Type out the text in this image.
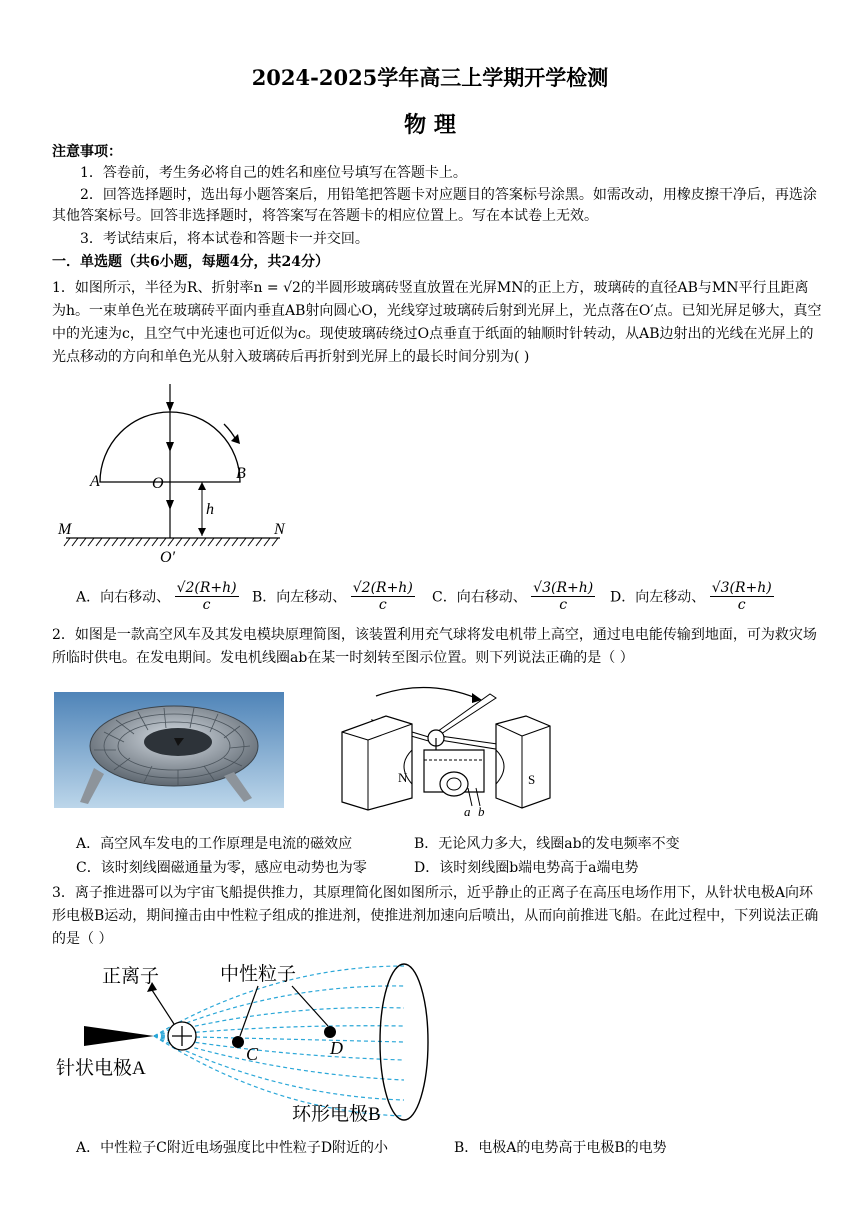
2024-2025学年高三上学期开学检测
物 理
注意事项：
1．答卷前，考生务必将自己的姓名和座位号填写在答题卡上。
2．回答选择题时，选出每小题答案后，用铅笔把答题卡对应题目的答案标号涂黑。如需改动，用橡皮擦干净后，再选涂其他答案标号。回答非选择题时，将答案写在答题卡的相应位置上。写在本试卷上无效。
3．考试结束后，将本试卷和答题卡一并交回。
一．单选题（共6小题，每题4分，共24分）
1．如图所示，半径为R、折射率n = √2的半圆形玻璃砖竖直放置在光屏MN的正上方，玻璃砖的直径AB与MN平行且距离为h。一束单色光在玻璃砖平面内垂直AB射向圆心O，光线穿过玻璃砖后射到光屏上，光点落在O′点。已知光屏足够大，真空中的光速为c，且空气中光速也可近似为c。现使玻璃砖绕过O点垂直于纸面的轴顺时针转动，从AB边射出的光线在光屏上的光点移动的方向和单色光从射入玻璃砖后再折射到光屏上的最长时间分别为( )
A	B
O
h
M	N
O′
A．向右移动、 $\frac{√2(R+h)}{c}$ B．向左移动、 $\frac{√2(R+h)}{c}$ C．向右移动、 $\frac{√3(R+h)}{c}$ D．向左移动、 $\frac{√3(R+h)}{c}$
2．如图是一款高空风车及其发电模块原理简图，该装置利用充气球将发电机带上高空，通过电电能传输到地面，可为救灾场所临时供电。在发电期间。发电机线圈ab在某一时刻转至图示位置。则下列说法正确的是（ ）
N	S
a b
A．高空风车发电的工作原理是电流的磁效应	B．无论风力多大，线圈ab的发电频率不变
C．该时刻线圈磁通量为零，感应电动势也为零	D．该时刻线圈b端电势高于a端电势
3．离子推进器可以为宇宙飞船提供推力，其原理简化图如图所示，近乎静止的正离子在高压电场作用下，从针状电极A向环形电极B运动，期间撞击由中性粒子组成的推进剂，使推进剂加速向后喷出，从而向前推进飞船。在此过程中，下列说法正确的是（ ）
正离子	中性粒子
针状电极A
环形电极B
C	D
A．中性粒子C附近电场强度比中性粒子D附近的小	B．电极A的电势高于电极B的电势
